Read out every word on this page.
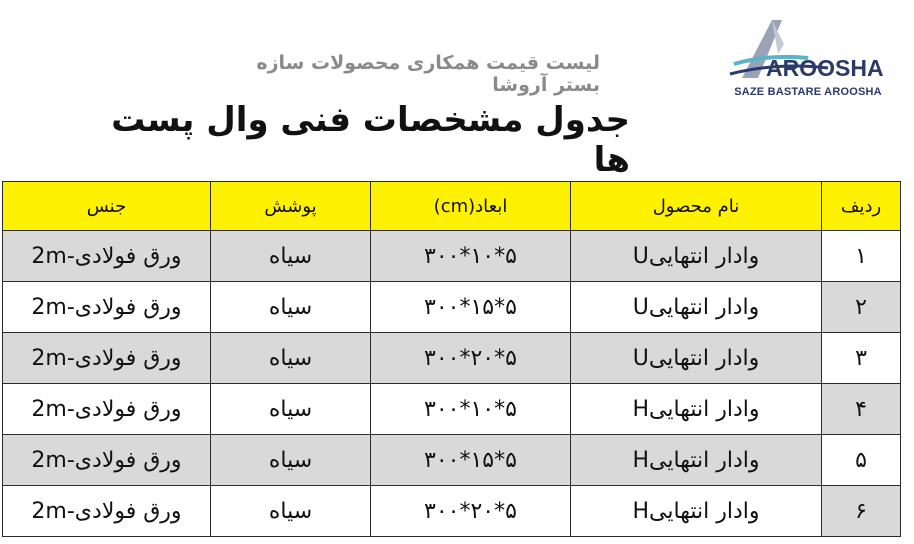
AROOSHA
SAZE BASTARE AROOSHA
لیست قیمت همکاری محصولات سازه بستر آروشا
جدول مشخصات فنی وال پست ها
ردیف	نام محصول	ابعاد(cm)	پوشش	جنس
۱	وادار انتهاییU	۵*۱۰*۳۰۰	سیاه	ورق فولادی-2m
۲	وادار انتهاییU	۵*۱۵*۳۰۰	سیاه	ورق فولادی-2m
۳	وادار انتهاییU	۵*۲۰*۳۰۰	سیاه	ورق فولادی-2m
۴	وادار انتهاییH	۵*۱۰*۳۰۰	سیاه	ورق فولادی-2m
۵	وادار انتهاییH	۵*۱۵*۳۰۰	سیاه	ورق فولادی-2m
۶	وادار انتهاییH	۵*۲۰*۳۰۰	سیاه	ورق فولادی-2m
